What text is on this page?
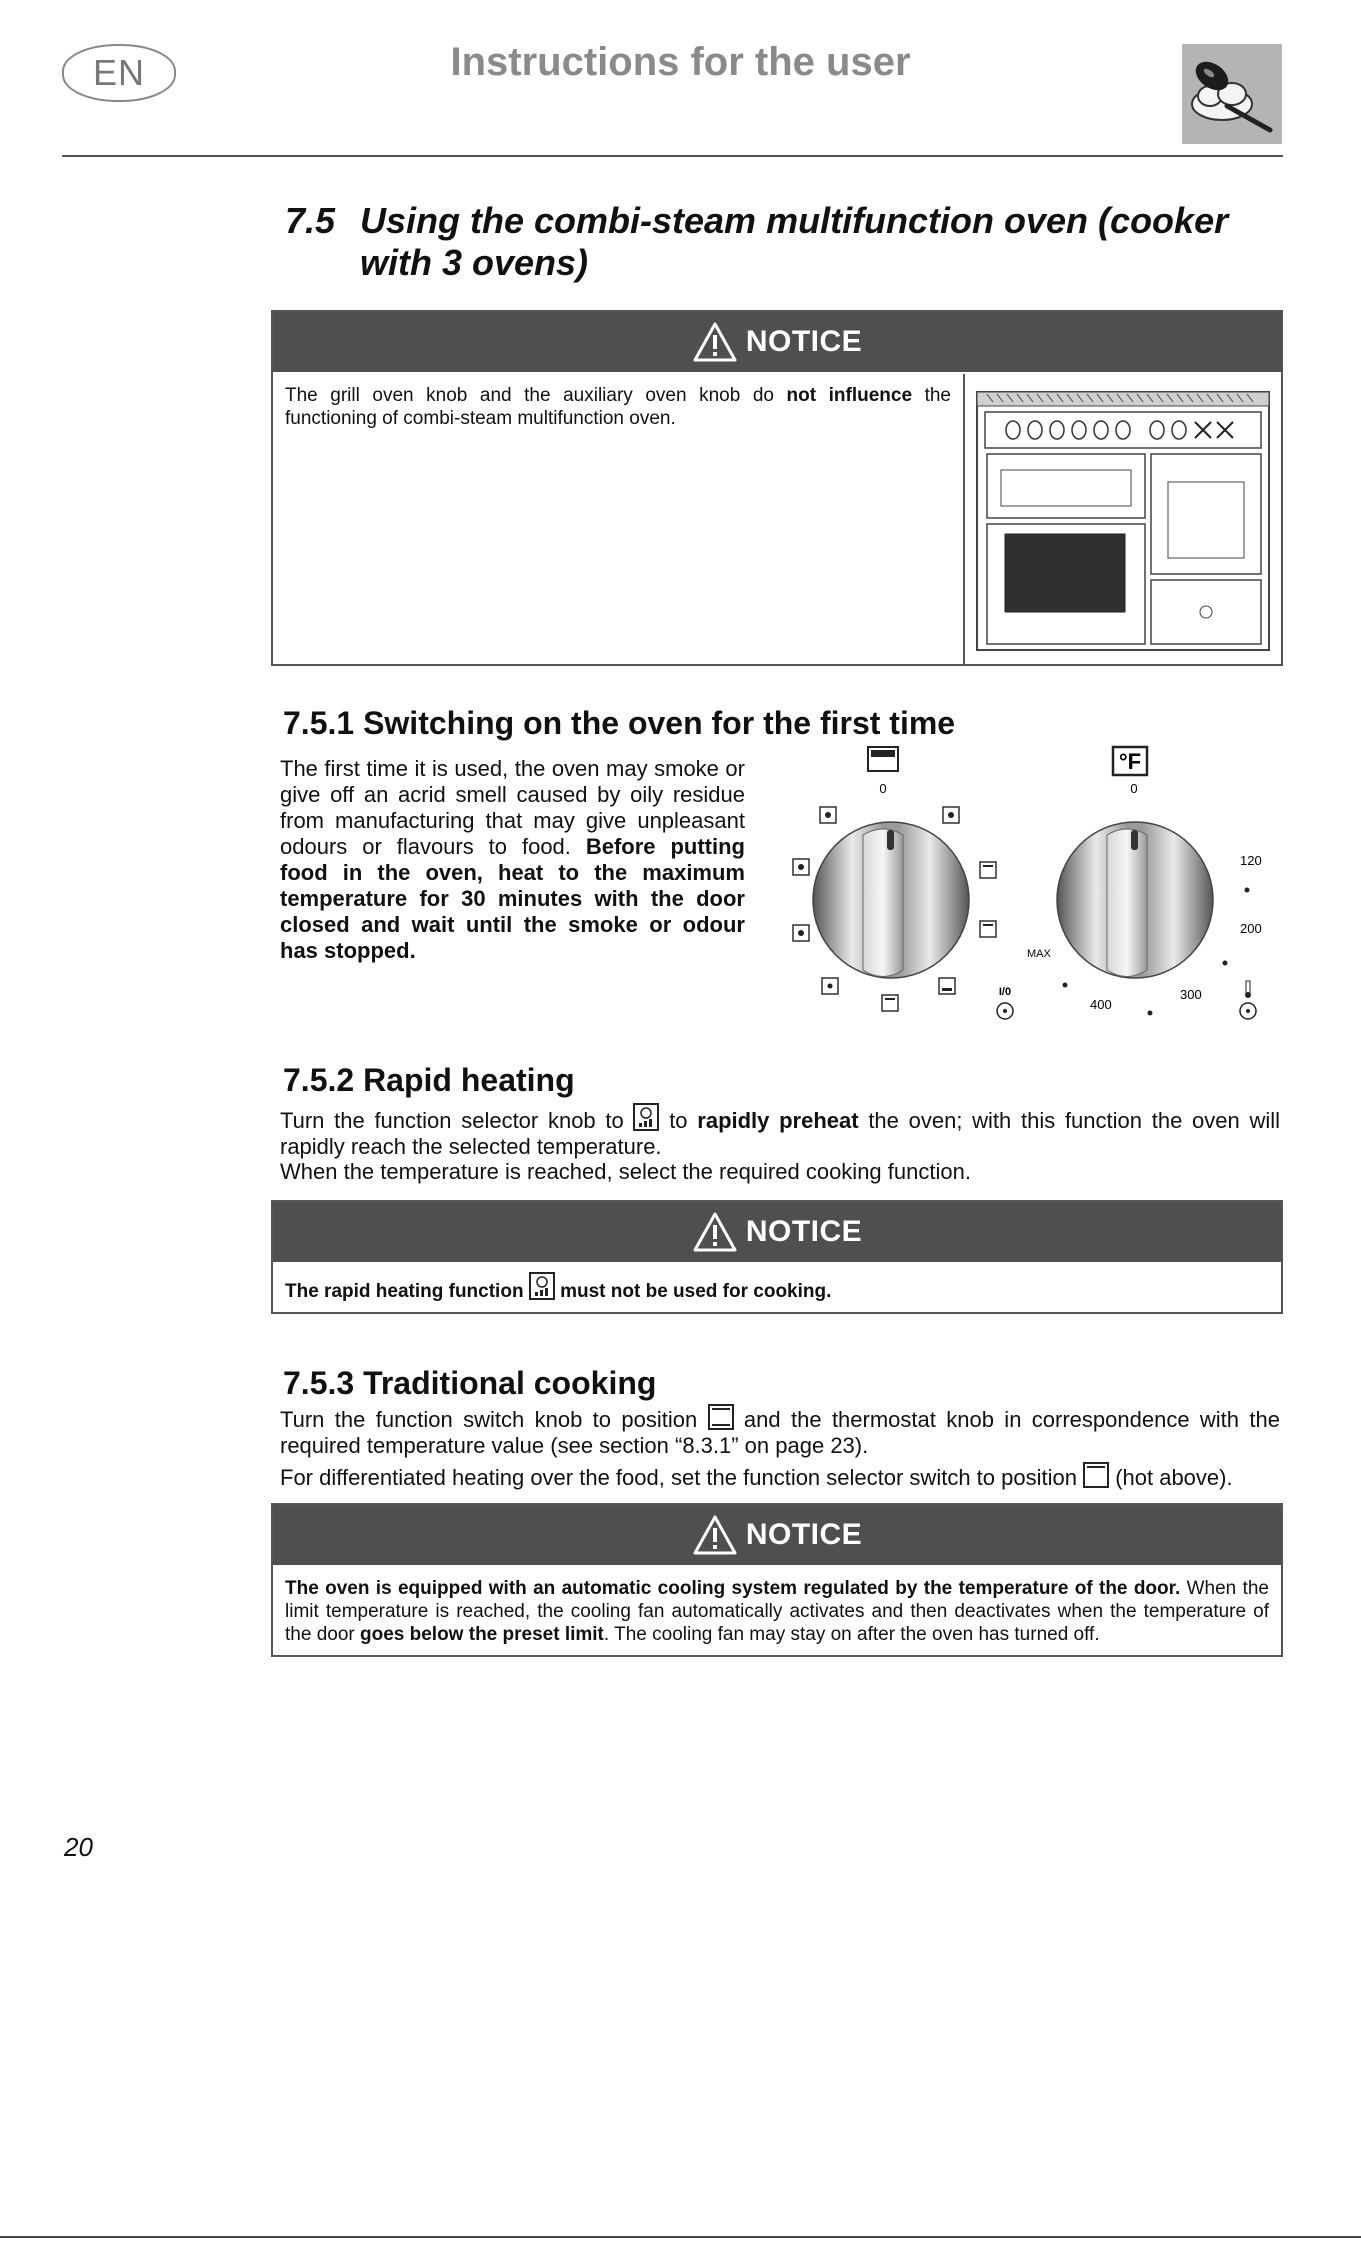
EN	Instructions for the user
7.5 Using the combi-steam multifunction oven (cooker with 3 ovens)
NOTICE
The grill oven knob and the auxiliary oven knob do not influence the functioning of combi-steam multifunction oven.
7.5.1 Switching on the oven for the first time
The first time it is used, the oven may smoke or give off an acrid smell caused by oily residue from manufacturing that may give unpleasant odours or flavours to food. Before putting food in the oven, heat to the maximum temperature for 30 minutes with the door closed and wait until the smoke or odour has stopped.
0
I/0
°F
0
120
200
300
400
MAX
7.5.2 Rapid heating
Turn the function selector knob to  to rapidly preheat the oven; with this function the oven will rapidly reach the selected temperature.
When the temperature is reached, select the required cooking function.
NOTICE
The rapid heating function  must not be used for cooking.
7.5.3 Traditional cooking
Turn the function switch knob to position  and the thermostat knob in correspondence with the required temperature value (see section “8.3.1” on page 23).
For differentiated heating over the food, set the function selector switch to position  (hot above).
NOTICE
The oven is equipped with an automatic cooling system regulated by the temperature of the door. When the limit temperature is reached, the cooling fan automatically activates and then deactivates when the temperature of the door goes below the preset limit. The cooling fan may stay on after the oven has turned off.
20
